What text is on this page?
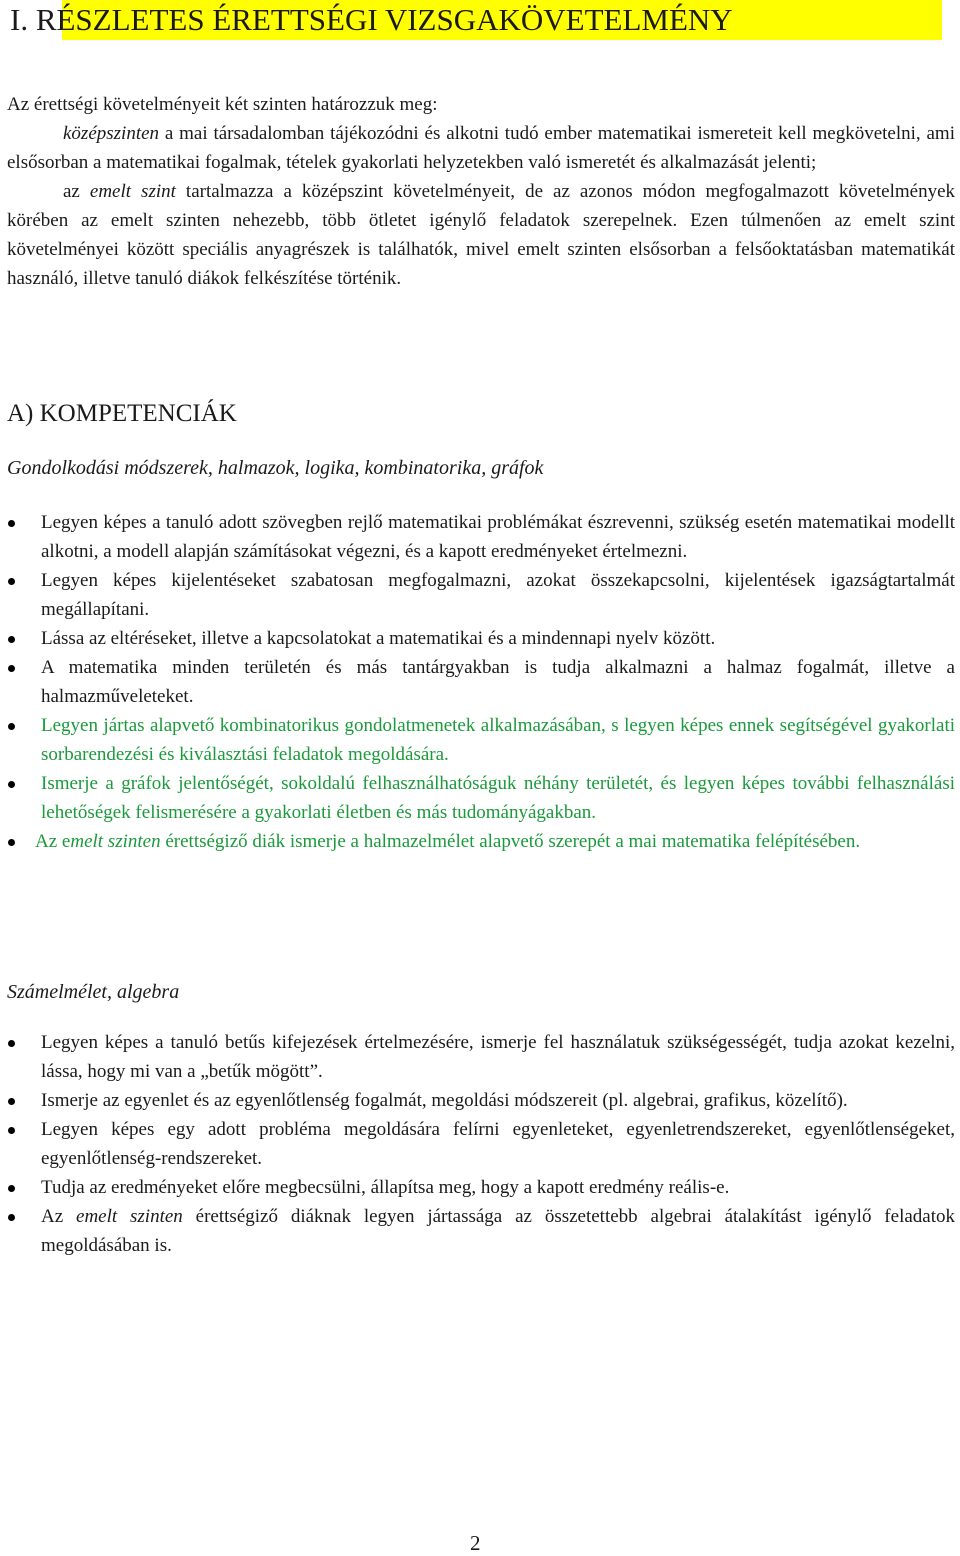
I. RÉSZLETES ÉRETTSÉGI VIZSGAKÖVETELMÉNY

Az érettségi követelményeit két szinten határozzuk meg:

középszinten a mai társadalomban tájékozódni és alkotni tudó ember matematikai ismereteit kell megkövetelni, ami elsősorban a matematikai fogalmak, tételek gyakorlati helyzetekben való ismeretét és alkalmazását jelenti;

az emelt szint tartalmazza a középszint követelményeit, de az azonos módon megfogalmazott követelmények körében az emelt szinten nehezebb, több ötletet igénylő feladatok szerepelnek. Ezen túlmenően az emelt szint követelményei között speciális anyagrészek is találhatók, mivel emelt szinten elsősorban a felsőoktatásban matematikát használó, illetve tanuló diákok felkészítése történik.

A) KOMPETENCIÁK
Gondolkodási módszerek, halmazok, logika, kombinatorika, gráfok
Legyen képes a tanuló adott szövegben rejlő matematikai problémákat észrevenni, szükség esetén matematikai modellt alkotni, a modell alapján számításokat végezni, és a kapott eredményeket értelmezni.
Legyen képes kijelentéseket szabatosan megfogalmazni, azokat összekapcsolni, kijelentések igazságtartalmát megállapítani.
Lássa az eltéréseket, illetve a kapcsolatokat a matematikai és a mindennapi nyelv között.
A matematika minden területén és más tantárgyakban is tudja alkalmazni a halmaz fogalmát, illetve a halmazműveleteket.
Legyen jártas alapvető kombinatorikus gondolatmenetek alkalmazásában, s legyen képes ennek segítségével gyakorlati sorbarendezési és kiválasztási feladatok megoldására.
Ismerje a gráfok jelentőségét, sokoldalú felhasználhatóságuk néhány területét, és legyen képes további felhasználási lehetőségek felismerésére a gyakorlati életben és más tudományágakban.
Az emelt szinten érettségiző diák ismerje a halmazelmélet alapvető szerepét a mai matematika felépítésében.
Számelmélet, algebra
Legyen képes a tanuló betűs kifejezések értelmezésére, ismerje fel használatuk szükségességét, tudja azokat kezelni, lássa, hogy mi van a „betűk mögött”.
Ismerje az egyenlet és az egyenlőtlenség fogalmát, megoldási módszereit (pl. algebrai, grafikus, közelítő).
Legyen képes egy adott probléma megoldására felírni egyenleteket, egyenletrendszereket, egyenlőtlenségeket, egyenlőtlenség-rendszereket.
Tudja az eredményeket előre megbecsülni, állapítsa meg, hogy a kapott eredmény reális-e.
Az emelt szinten érettségiző diáknak legyen jártassága az összetettebb algebrai átalakítást igénylő feladatok megoldásában is.
2
